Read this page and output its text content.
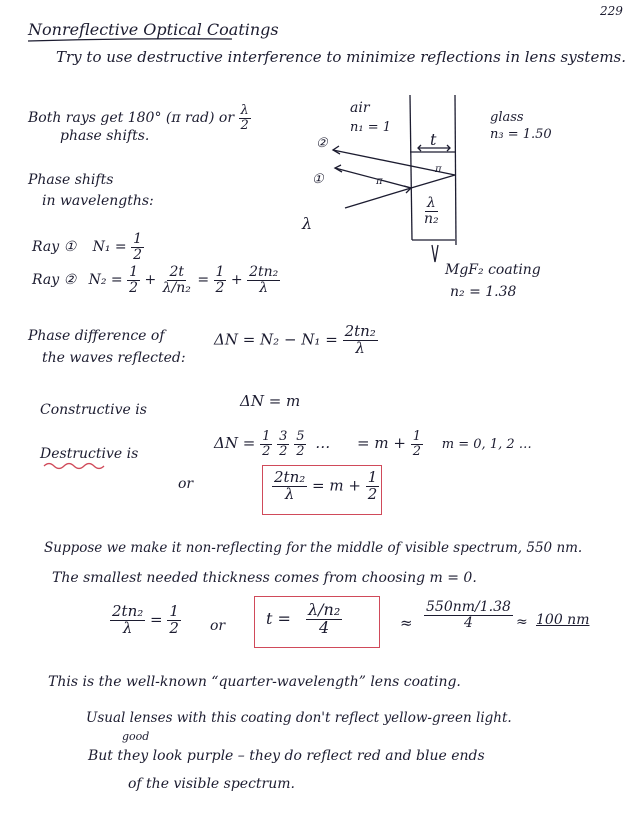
229
Nonreflective Optical Coatings
Try to use destructive interference to minimize reflections in lens systems.
Both rays get 180° (π rad) or $\frac{\lambda}{2}$
phase shifts.
Phase shifts
in wavelengths:
Ray ① $N_1 = \frac{1}{2}$
Ray ② $N_2 = \frac{1}{2} + \frac{2t}{\text{λ/n₂}} = \frac{1}{2} + \frac{\text{2tn₂}}{\lambda}$
air
n₁ = 1
glass
n₃ = 1.50
t
②
①	π
π
λ	$\frac{\lambda}{\text{n₂}}$
MgF₂ coating
n₂ = 1.38
Phase difference of
the waves reflected:
$\Delta N = N_2 - N_1 = \frac{\text{2tn₂}}{\lambda}$
Constructive is	ΔN = m
Destructive is
$\Delta N = \frac{1}{2}$
$\frac{3}{2}$
$\frac{5}{2}$ … = $m + \frac{1}{2}$ m = 0, 1, 2 …
or	$\frac{\text{2tn₂}}{\lambda} = m + \frac{1}{2}$
Suppose we make it non-reflecting for the middle of visible spectrum, 550 nm.
The smallest needed thickness comes from choosing m = 0.
$\frac{\text{2tn₂}}{\lambda} = \frac{1}{2}$ or	$t = \frac{\text{λ/n₂}}{4}$	≈ $\frac{550nm/1.38}{4} \approx 100$ nm
This is the well-known “quarter-wavelength” lens coating.
Usual lenses with this coating don't reflect yellow-green light.
good
But they look purple – they do reflect red and blue ends
of the visible spectrum.
